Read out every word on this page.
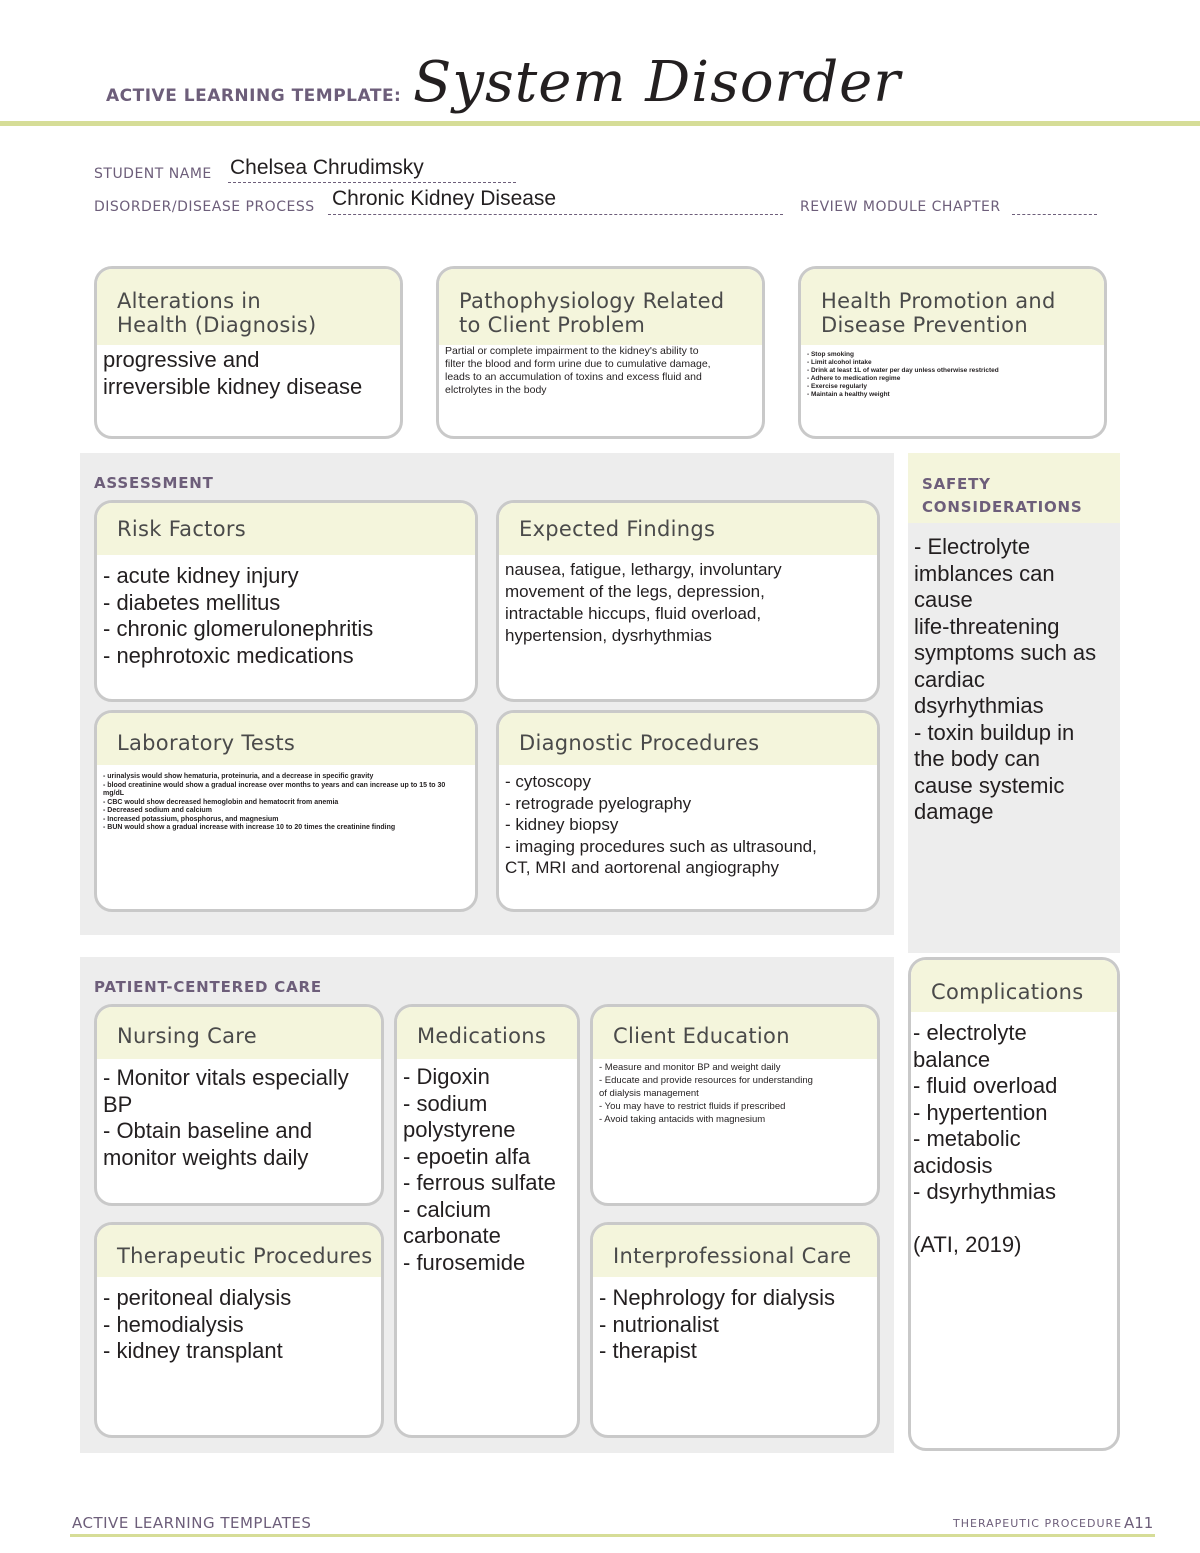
ACTIVE LEARNING TEMPLATE: System Disorder
STUDENT NAME Chelsea Chrudimsky
DISORDER/DISEASE PROCESS Chronic Kidney Disease	REVIEW MODULE CHAPTER
Alterations in
Health (Diagnosis)
progressive and
irreversible kidney disease
Pathophysiology Related
to Client Problem
Partial or complete impairment to the kidney's ability to
filter the blood and form urine due to cumulative damage,
leads to an accumulation of toxins and excess fluid and
elctrolytes in the body
Health Promotion and
Disease Prevention
- Stop smoking
- Limit alcohol intake
- Drink at least 1L of water per day unless otherwise restricted
- Adhere to medication regime
- Exercise regularly
- Maintain a healthy weight
ASSESSMENT
Risk Factors
- acute kidney injury
- diabetes mellitus
- chronic glomerulonephritis
- nephrotoxic medications
Expected Findings
nausea, fatigue, lethargy, involuntary
movement of the legs, depression,
intractable hiccups, fluid overload,
hypertension, dysrhythmias
Laboratory Tests
- urinalysis would show hematuria, proteinuria, and a decrease in specific gravity
- blood creatinine would show a gradual increase over months to years and can increase up to 15 to 30
mg/dL
- CBC would show decreased hemoglobin and hematocrit from anemia
- Decreased sodium and calcium
- Increased potassium, phosphorus, and magnesium
- BUN would show a gradual increase with increase 10 to 20 times the creatinine finding
Diagnostic Procedures
- cytoscopy
- retrograde pyelography
- kidney biopsy
- imaging procedures such as ultrasound,
CT, MRI and aortorenal angiography
SAFETY
CONSIDERATIONS
- Electrolyte
imblances can
cause
life-threatening
symptoms such as
cardiac
dsyrhythmias
- toxin buildup in
the body can
cause systemic
damage
PATIENT-CENTERED CARE
Nursing Care
- Monitor vitals especially
BP
- Obtain baseline and
monitor weights daily
Medications
- Digoxin
- sodium
polystyrene
- epoetin alfa
- ferrous sulfate
- calcium
carbonate
- furosemide
Client Education
- Measure and monitor BP and weight daily
- Educate and provide resources for understanding
of dialysis management
- You may have to restrict fluids if prescribed
- Avoid taking antacids with magnesium
Therapeutic Procedures
- peritoneal dialysis
- hemodialysis
- kidney transplant
Interprofessional Care
- Nephrology for dialysis
- nutrionalist
- therapist
Complications
- electrolyte
balance
- fluid overload
- hypertention
- metabolic
acidosis
- dsyrhythmias
(ATI, 2019)
ACTIVE LEARNING TEMPLATES	THERAPEUTIC PROCEDURE A11
